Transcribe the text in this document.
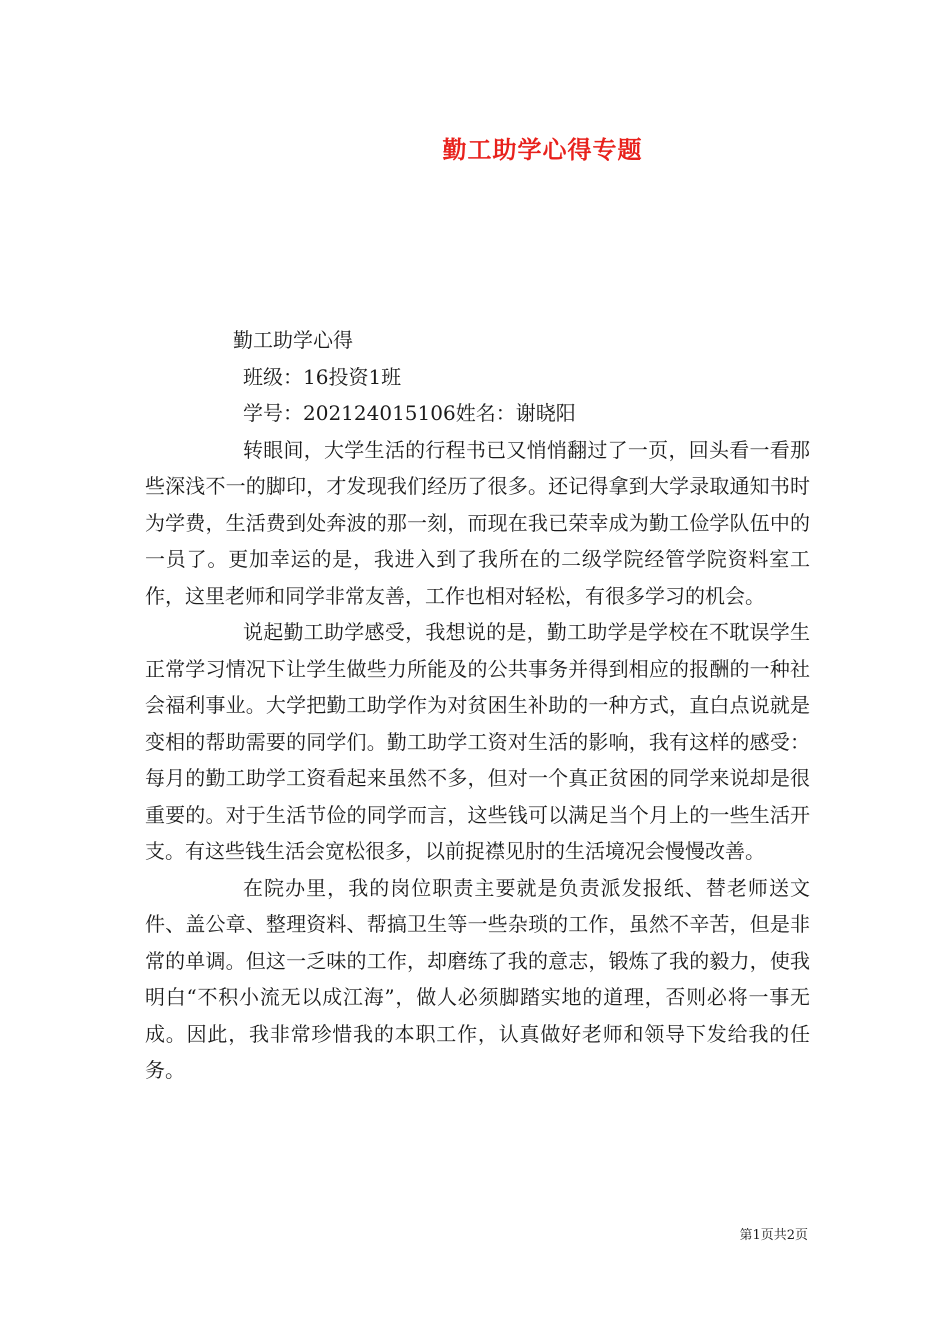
勤工助学心得专题

勤工助学心得

班级：16投资1班

学号：202124015106姓名：谢晓阳

转眼间，大学生活的行程书已又悄悄翻过了一页，回头看一看那些深浅不一的脚印，才发现我们经历了很多。还记得拿到大学录取通知书时为学费，生活费到处奔波的那一刻，而现在我已荣幸成为勤工俭学队伍中的一员了。更加幸运的是，我进入到了我所在的二级学院经管学院资料室工作，这里老师和同学非常友善，工作也相对轻松，有很多学习的机会。

说起勤工助学感受，我想说的是，勤工助学是学校在不耽误学生正常学习情况下让学生做些力所能及的公共事务并得到相应的报酬的一种社会福利事业。大学把勤工助学作为对贫困生补助的一种方式，直白点说就是变相的帮助需要的同学们。勤工助学工资对生活的影响，我有这样的感受：每月的勤工助学工资看起来虽然不多，但对一个真正贫困的同学来说却是很重要的。对于生活节俭的同学而言，这些钱可以满足当个月上的一些生活开支。有这些钱生活会宽松很多，以前捉襟见肘的生活境况会慢慢改善。

在院办里，我的岗位职责主要就是负责派发报纸、替老师送文件、盖公章、整理资料、帮搞卫生等一些杂琐的工作，虽然不辛苦，但是非常的单调。但这一乏味的工作，却磨练了我的意志，锻炼了我的毅力，使我明白“不积小流无以成江海”，做人必须脚踏实地的道理，否则必将一事无成。因此，我非常珍惜我的本职工作，认真做好老师和领导下发给我的任务。

第1页共2页
